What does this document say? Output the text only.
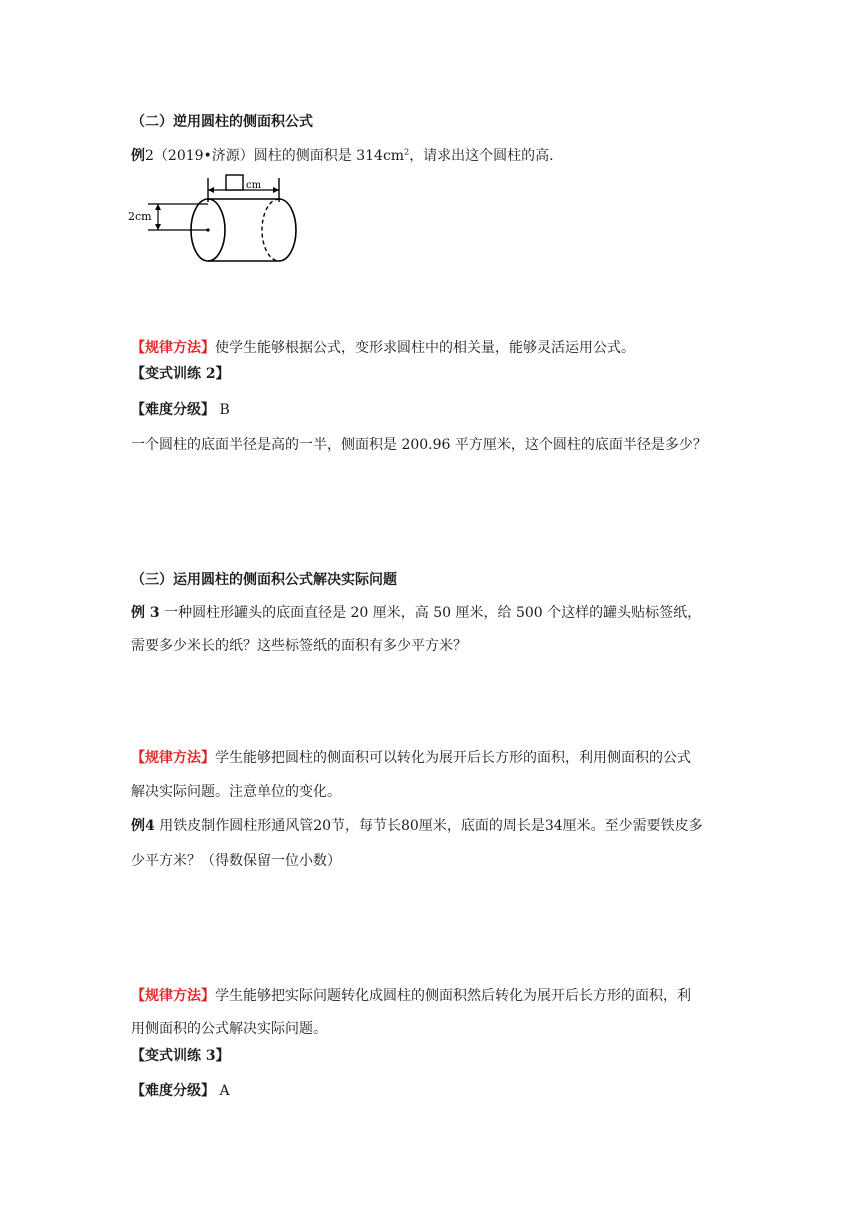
（二）逆用圆柱的侧面积公式
例2（2019•济源）圆柱的侧面积是 $314cm^2$，请求出这个圆柱的高.
cm
2cm
【规律方法】使学生能够根据公式，变形求圆柱中的相关量，能够灵活运用公式。
【变式训练 2】
【难度分级】 B
一个圆柱的底面半径是高的一半，侧面积是 200.96 平方厘米，这个圆柱的底面半径是多少？
（三）运用圆柱的侧面积公式解决实际问题
例 3 一种圆柱形罐头的底面直径是 20 厘米，高 50 厘米，给 500 个这样的罐头贴标签纸，
需要多少米长的纸？这些标签纸的面积有多少平方米？
【规律方法】学生能够把圆柱的侧面积可以转化为展开后长方形的面积，利用侧面积的公式
解决实际问题。注意单位的变化。
例4 用铁皮制作圆柱形通风管20节，每节长80厘米，底面的周长是34厘米。至少需要铁皮多
少平方米？（得数保留一位小数）
【规律方法】学生能够把实际问题转化成圆柱的侧面积然后转化为展开后长方形的面积，利
用侧面积的公式解决实际问题。
【变式训练 3】
【难度分级】 A
